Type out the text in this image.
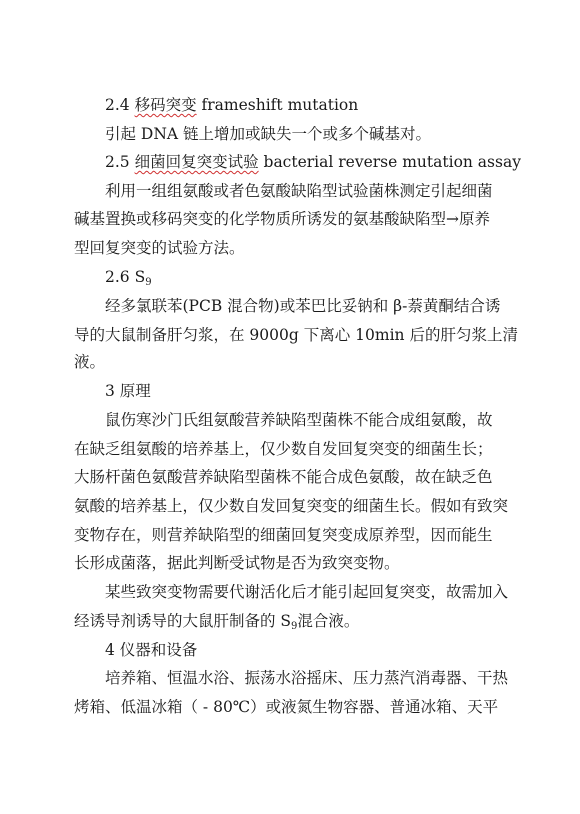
2.4 移码突变 frameshift mutation
引起 DNA 链上增加或缺失一个或多个碱基对。
2.5 细菌回复突变试验 bacterial reverse mutation assay
利用一组组氨酸或者色氨酸缺陷型试验菌株测定引起细菌
碱基置换或移码突变的化学物质所诱发的氨基酸缺陷型→原养
型回复突变的试验方法。
2.6 S9
经多氯联苯(PCB 混合物)或苯巴比妥钠和 β-萘黄酮结合诱
导的大鼠制备肝匀浆，在 9000g 下离心 10min 后的肝匀浆上清
液。
3 原理
鼠伤寒沙门氏组氨酸营养缺陷型菌株不能合成组氨酸，故
在缺乏组氨酸的培养基上，仅少数自发回复突变的细菌生长；
大肠杆菌色氨酸营养缺陷型菌株不能合成色氨酸，故在缺乏色
氨酸的培养基上，仅少数自发回复突变的细菌生长。假如有致突
变物存在，则营养缺陷型的细菌回复突变成原养型，因而能生
长形成菌落，据此判断受试物是否为致突变物。
某些致突变物需要代谢活化后才能引起回复突变，故需加入
经诱导剂诱导的大鼠肝制备的 S9混合液。
4 仪器和设备
培养箱、恒温水浴、振荡水浴摇床、压力蒸汽消毒器、干热
烤箱、低温冰箱（ - 80℃）或液氮生物容器、普通冰箱、天平
